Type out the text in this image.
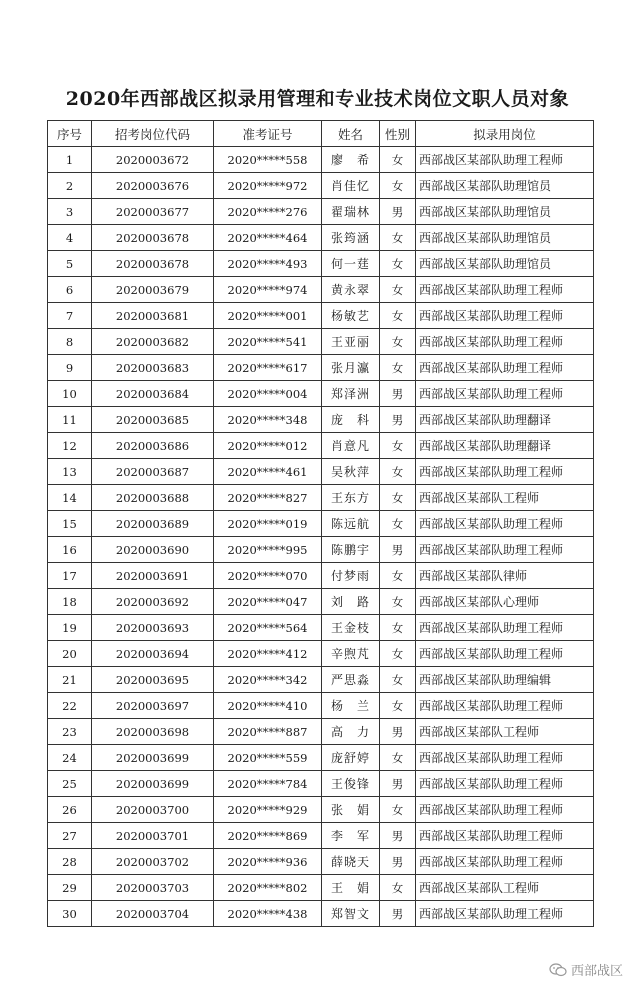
2020年西部战区拟录用管理和专业技术岗位文职人员对象
序号	招考岗位代码	准考证号	姓名	性别	拟录用岗位
1	2020003672	2020*****558	廖　希	女	西部战区某部队助理工程师
2	2020003676	2020*****972	肖佳忆	女	西部战区某部队助理馆员
3	2020003677	2020*****276	翟瑞林	男	西部战区某部队助理馆员
4	2020003678	2020*****464	张筠涵	女	西部战区某部队助理馆员
5	2020003678	2020*****493	何一莛	女	西部战区某部队助理馆员
6	2020003679	2020*****974	黄永翠	女	西部战区某部队助理工程师
7	2020003681	2020*****001	杨敏艺	女	西部战区某部队助理工程师
8	2020003682	2020*****541	王亚丽	女	西部战区某部队助理工程师
9	2020003683	2020*****617	张月瀛	女	西部战区某部队助理工程师
10	2020003684	2020*****004	郑泽洲	男	西部战区某部队助理工程师
11	2020003685	2020*****348	庞　科	男	西部战区某部队助理翻译
12	2020003686	2020*****012	肖意凡	女	西部战区某部队助理翻译
13	2020003687	2020*****461	吴秋萍	女	西部战区某部队助理工程师
14	2020003688	2020*****827	王东方	女	西部战区某部队工程师
15	2020003689	2020*****019	陈远航	女	西部战区某部队助理工程师
16	2020003690	2020*****995	陈鹏宇	男	西部战区某部队助理工程师
17	2020003691	2020*****070	付梦雨	女	西部战区某部队律师
18	2020003692	2020*****047	刘　路	女	西部战区某部队心理师
19	2020003693	2020*****564	王金枝	女	西部战区某部队助理工程师
20	2020003694	2020*****412	辛煦芃	女	西部战区某部队助理工程师
21	2020003695	2020*****342	严思淼	女	西部战区某部队助理编辑
22	2020003697	2020*****410	杨　兰	女	西部战区某部队助理工程师
23	2020003698	2020*****887	高　力	男	西部战区某部队工程师
24	2020003699	2020*****559	庞舒婷	女	西部战区某部队助理工程师
25	2020003699	2020*****784	王俊锋	男	西部战区某部队助理工程师
26	2020003700	2020*****929	张　娟	女	西部战区某部队助理工程师
27	2020003701	2020*****869	李　军	男	西部战区某部队助理工程师
28	2020003702	2020*****936	薛晓天	男	西部战区某部队助理工程师
29	2020003703	2020*****802	王　娟	女	西部战区某部队工程师
30	2020003704	2020*****438	郑智文	男	西部战区某部队助理工程师
西部战区
